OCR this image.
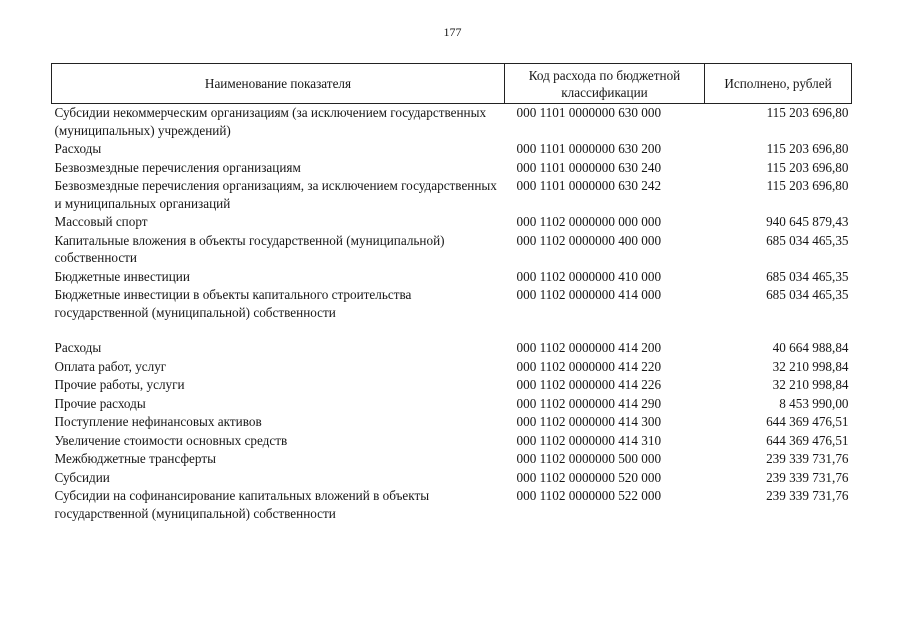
177
Наименование показателя	Код расхода по бюджетной классификации	Исполнено, рублей
Субсидии некоммерческим организациям (за исключением государственных (муниципальных) учреждений)	000 1101 0000000 630 000	115 203 696,80
Расходы	000 1101 0000000 630 200	115 203 696,80
Безвозмездные перечисления организациям	000 1101 0000000 630 240	115 203 696,80
Безвозмездные перечисления организациям, за исключением государственных и муниципальных организаций	000 1101 0000000 630 242	115 203 696,80
Массовый спорт	000 1102 0000000 000 000	940 645 879,43
Капитальные вложения в объекты государственной (муниципальной) собственности	000 1102 0000000 400 000	685 034 465,35
Бюджетные инвестиции	000 1102 0000000 410 000	685 034 465,35
Бюджетные инвестиции в объекты капитального строительства государственной (муниципальной) собственности	000 1102 0000000 414 000	685 034 465,35
Расходы	000 1102 0000000 414 200	40 664 988,84
Оплата работ, услуг	000 1102 0000000 414 220	32 210 998,84
Прочие работы, услуги	000 1102 0000000 414 226	32 210 998,84
Прочие расходы	000 1102 0000000 414 290	8 453 990,00
Поступление нефинансовых активов	000 1102 0000000 414 300	644 369 476,51
Увеличение стоимости основных средств	000 1102 0000000 414 310	644 369 476,51
Межбюджетные трансферты	000 1102 0000000 500 000	239 339 731,76
Субсидии	000 1102 0000000 520 000	239 339 731,76
Субсидии на софинансирование капитальных вложений в объекты государственной (муниципальной) собственности	000 1102 0000000 522 000	239 339 731,76
